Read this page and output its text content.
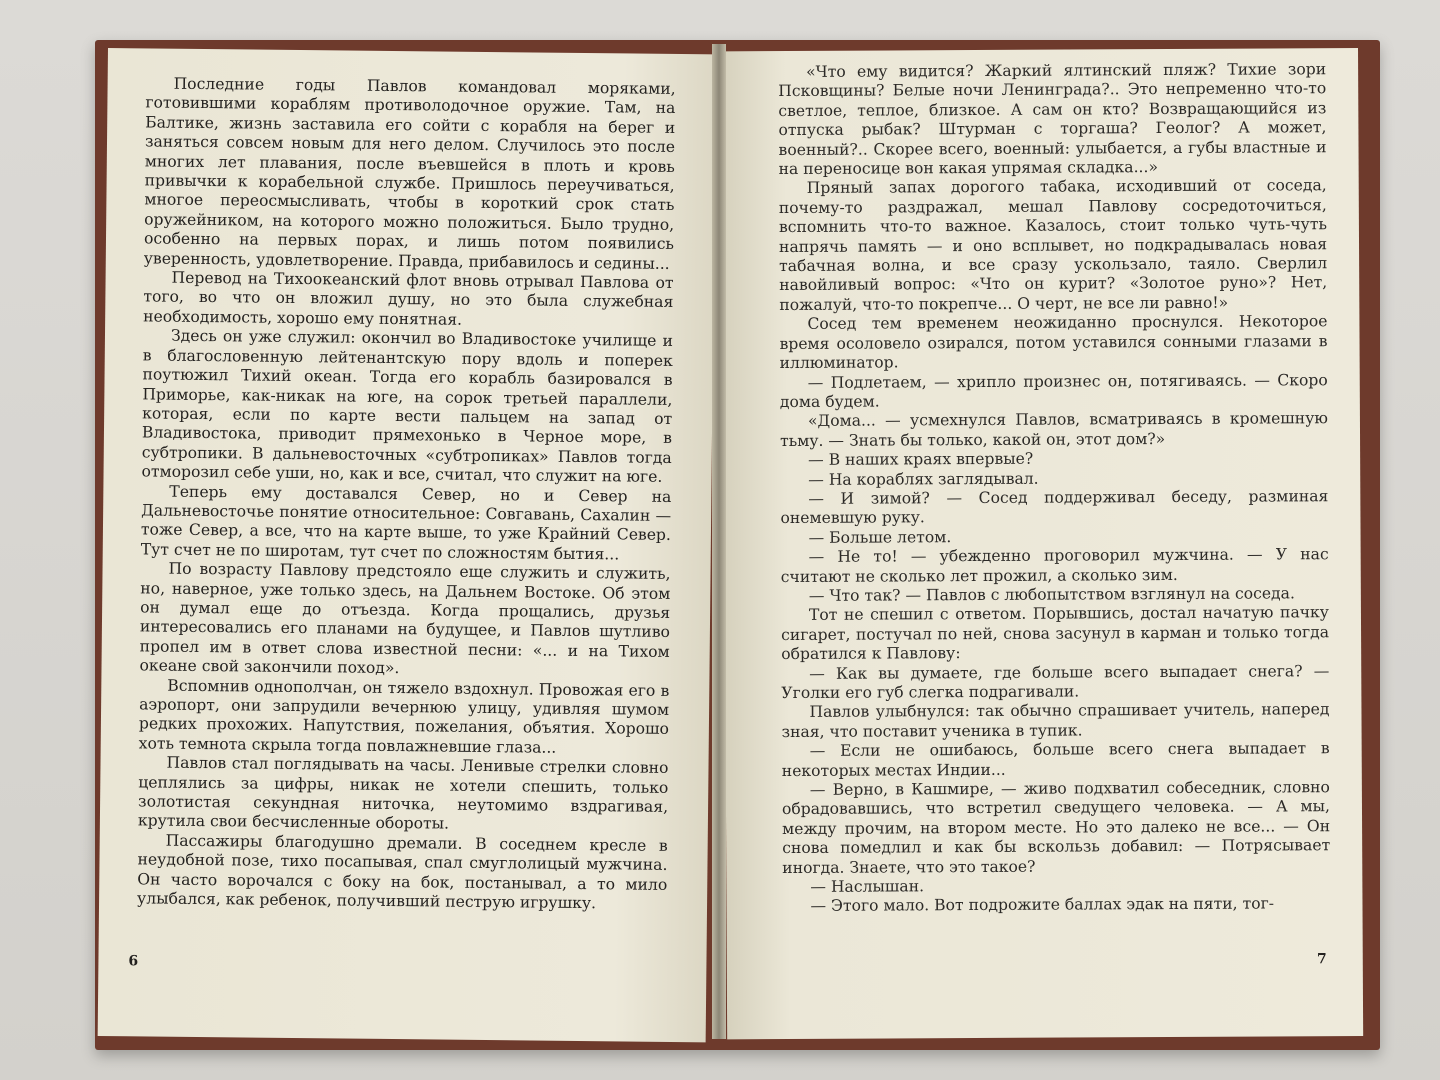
Последние годы Павлов командовал моряками, готовившими кораблям противолодочное оружие. Там, на Балтике, жизнь заставила его сойти с корабля на берег и заняться совсем новым для него делом. Случилось это после многих лет плавания, после въевшейся в плоть и кровь привычки к корабельной службе. Пришлось переучиваться, многое переосмысливать, чтобы в короткий срок стать оружейником, на которого можно положиться. Было трудно, особенно на первых порах, и лишь потом появились уверенность, удовлетворение. Правда, прибавилось и седины...

Перевод на Тихоокеанский флот вновь отрывал Павлова от того, во что он вложил душу, но это была служебная необходимость, хорошо ему понятная.

Здесь он уже служил: окончил во Владивостоке училище и в благословенную лейтенантскую пору вдоль и поперек поутюжил Тихий океан. Тогда его корабль базировался в Приморье, как-никак на юге, на сорок третьей параллели, которая, если по карте вести пальцем на запад от Владивостока, приводит прямехонько в Черное море, в субтропики. В дальневосточных «субтропиках» Павлов тогда отморозил себе уши, но, как и все, считал, что служит на юге.

Теперь ему доставался Север, но и Север на Дальневосточье понятие относительное: Совгавань, Сахалин — тоже Север, а все, что на карте выше, то уже Крайний Север. Тут счет не по широтам, тут счет по сложностям бытия...

По возрасту Павлову предстояло еще служить и служить, но, наверное, уже только здесь, на Дальнем Востоке. Об этом он думал еще до отъезда. Когда прощались, друзья интересовались его планами на будущее, и Павлов шутливо пропел им в ответ слова известной песни: «... и на Тихом океане свой закончили поход».

Вспомнив однополчан, он тяжело вздохнул. Провожая его в аэропорт, они запрудили вечернюю улицу, удивляя шумом редких прохожих. Напутствия, пожелания, объятия. Хорошо хоть темнота скрыла тогда повлажневшие глаза...

Павлов стал поглядывать на часы. Ленивые стрелки словно цеплялись за цифры, никак не хотели спешить, только золотистая секундная ниточка, неутомимо вздрагивая, крутила свои бесчисленные обороты.

Пассажиры благодушно дремали. В соседнем кресле в неудобной позе, тихо посапывая, спал смуглолицый мужчина. Он часто ворочался с боку на бок, постанывал, а то мило улыбался, как ребенок, получивший пеструю игрушку.

6

«Что ему видится? Жаркий ялтинский пляж? Тихие зори Псковщины? Белые ночи Ленинграда?.. Это непременно что-то светлое, теплое, близкое. А сам он кто? Возвращающийся из отпуска рыбак? Штурман с торгаша? Геолог? А может, военный?.. Скорее всего, военный: улыбается, а губы властные и на переносице вон какая упрямая складка...»

Пряный запах дорогого табака, исходивший от соседа, почему-то раздражал, мешал Павлову сосредоточиться, вспомнить что-то важное. Казалось, стоит только чуть-чуть напрячь память — и оно всплывет, но подкрадывалась новая табачная волна, и все сразу ускользало, таяло. Сверлил навойливый вопрос: «Что он курит? «Золотое руно»? Нет, пожалуй, что-то покрепче... О черт, не все ли равно!»

Сосед тем временем неожиданно проснулся. Некоторое время осоловело озирался, потом уставился сонными глазами в иллюминатор.

— Подлетаем, — хрипло произнес он, потягиваясь. — Скоро дома будем.

«Дома... — усмехнулся Павлов, всматриваясь в кромешную тьму. — Знать бы только, какой он, этот дом?»

— В наших краях впервые?

— На кораблях заглядывал.

— И зимой? — Сосед поддерживал беседу, разминая онемевшую руку.

— Больше летом.

— Не то! — убежденно проговорил мужчина. — У нас считают не сколько лет прожил, а сколько зим.

— Что так? — Павлов с любопытством взглянул на соседа.

Тот не спешил с ответом. Порывшись, достал начатую пачку сигарет, постучал по ней, снова засунул в карман и только тогда обратился к Павлову:

— Как вы думаете, где больше всего выпадает снега? — Уголки его губ слегка подрагивали.

Павлов улыбнулся: так обычно спрашивает учитель, наперед зная, что поставит ученика в тупик.

— Если не ошибаюсь, больше всего снега выпадает в некоторых местах Индии...

— Верно, в Кашмире, — живо подхватил собеседник, словно обрадовавшись, что встретил сведущего человека. — А мы, между прочим, на втором месте. Но это далеко не все... — Он снова помедлил и как бы вскользь добавил: — Потрясывает иногда. Знаете, что это такое?

— Наслышан.

— Этого мало. Вот подрожите баллах эдак на пяти, тог-

7
